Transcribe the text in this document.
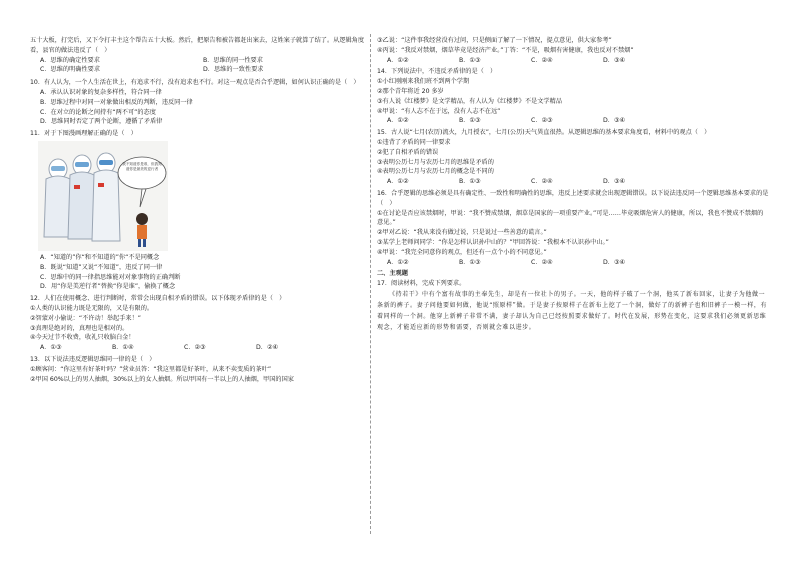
五十大板，打完后，又下令打丰主这个帮告五十大板。然后，把原告和被告都赶出案去，这姓案子就算了结了。从逻辑角度看，县官的做法违反了（　）
A．思维的确定性要求	B．思维的同一性要求
C．思维的明确性要求	D．思维的一致性要求
10．有人认为，一个人生活在世上，有追求不行，没有追求也不行。对这一观点是否合乎逻辑，如何认识正确的是（　）
A．承认认识对象的复杂多样性，符合同一律
B．思维过程中对同一对象做出相反的判断，违反同一律
C．在对立的论断之间持有“两不可”的态度
D．思维同时否定了两个论断，遵循了矛盾律
11．对于下图漫画理解正确的是（　）
我不知道你是谁，但我知道你是最美的逆行者
A．“知道的”你“和不知道的”你“不是同概念
B．既说“知道”又说“不知道”，违反了同一律
C．思维中的同一律指思维能对对象事物的正确判断
D．用“你是美逆行者”替换“你是谁”，偷换了概念
12．人们在使用概念、进行判断时，常常会出现自相矛盾的错误。以下体现矛盾律的是（　）
①人类的认识能力既是无限的，又是有限的。
②智蒙对小偷说：“不许动！举起手来！”
③真理是绝对的，真理也是相对的。
④今天过节不收费，收礼只收脑白金！
A．①③	B．①④	C．②③	D．②④
13．以下说法违反逻辑思维同一律的是（　）
①顾客问：“你这里有好茶叶吗？”营业员答：“我这里都是好茶叶，从来不卖变质的茶叶”
②甲国 60%以上的男人抽烟，30%以上的女人抽烟。所以甲国有一半以上的人抽烟，甲国的国家
③乙说：“这件事我经营没有过问，只是侧面了解了一下情况，提点意见，供大家参考”
④丙说：“我反对禁烟，烟草毕竟是经济产业。”丁答：“不是，吸烟有害健康，我也反对不禁烟”
A．①②	B．①③	C．②④	D．③④
14．下列说法中，不违反矛盾律的是（　）
①小红刚刚来我们班不到两个学期
②那个青年将近 20 多岁
③有人说《红楼梦》是文学精品，有人认为《红楼梦》不是文学精品
④甲说：“有人志不在于远，没有人志不在远”
A．①②	B．①③	C．②③	D．③④
15．古人说“七月(农历)流火，九月授衣”，七月(公历)天气異直很热。从逻辑思维的基本要求角度看，材料中的观点（　）
①违背了矛盾的同一律要求
②犯了自相矛盾的错误
③表明公历七月与农历七月的思维是矛盾的
④表明公历七月与农历七月的概念是不同的
A．①②	B．①③	C．②④	D．③④
16．合乎逻辑的思维必须是具有确定性、一致性和明确性的思维，违反上述要求就会出现逻辑错误。以下说法违反同一个逻辑思维基本要求的是（　）
①在讨论是否应该禁烟时，甲说：“我不赞成禁烟，烟草是国家的一项重要产业。”可是……毕竟吸烟危害人的健康，所以，我也不赞成不禁烟的意见。”
②甲对乙说：“我从来没有做过说，只是说过一些善意的谎言。”
③某学上老师问同学：“你是怎样认识孙中山的？”甲回答说：“我根本不认识孙中山。”
④甲说：“我完全同意你的观点，但还有一点个小的不同意见。”
A．①②	B．①③	C．②④	D．③④
二、主观题
17．阅读材料，完成下列要求。
《持若干》中有个富有故事的主奉先生，却是有一位社卜的男子。一天，他的样子破了一个洞，他买了新布回家，让妻子为他做一条新的裤子。妻子问他要如何做，他说“照原样”做。于是妻子按原样子在新布上挖了一个洞，做好了的新裤子也和旧裤子一模一样，有着同样的一个洞。他穿上新裤子非常不满，妻子却认为自己已经按照要求做好了。时代在发展，形势在变化，这要求我们必须更新思维观念，才能适应新的形势和需要，否则就会难以进步。
